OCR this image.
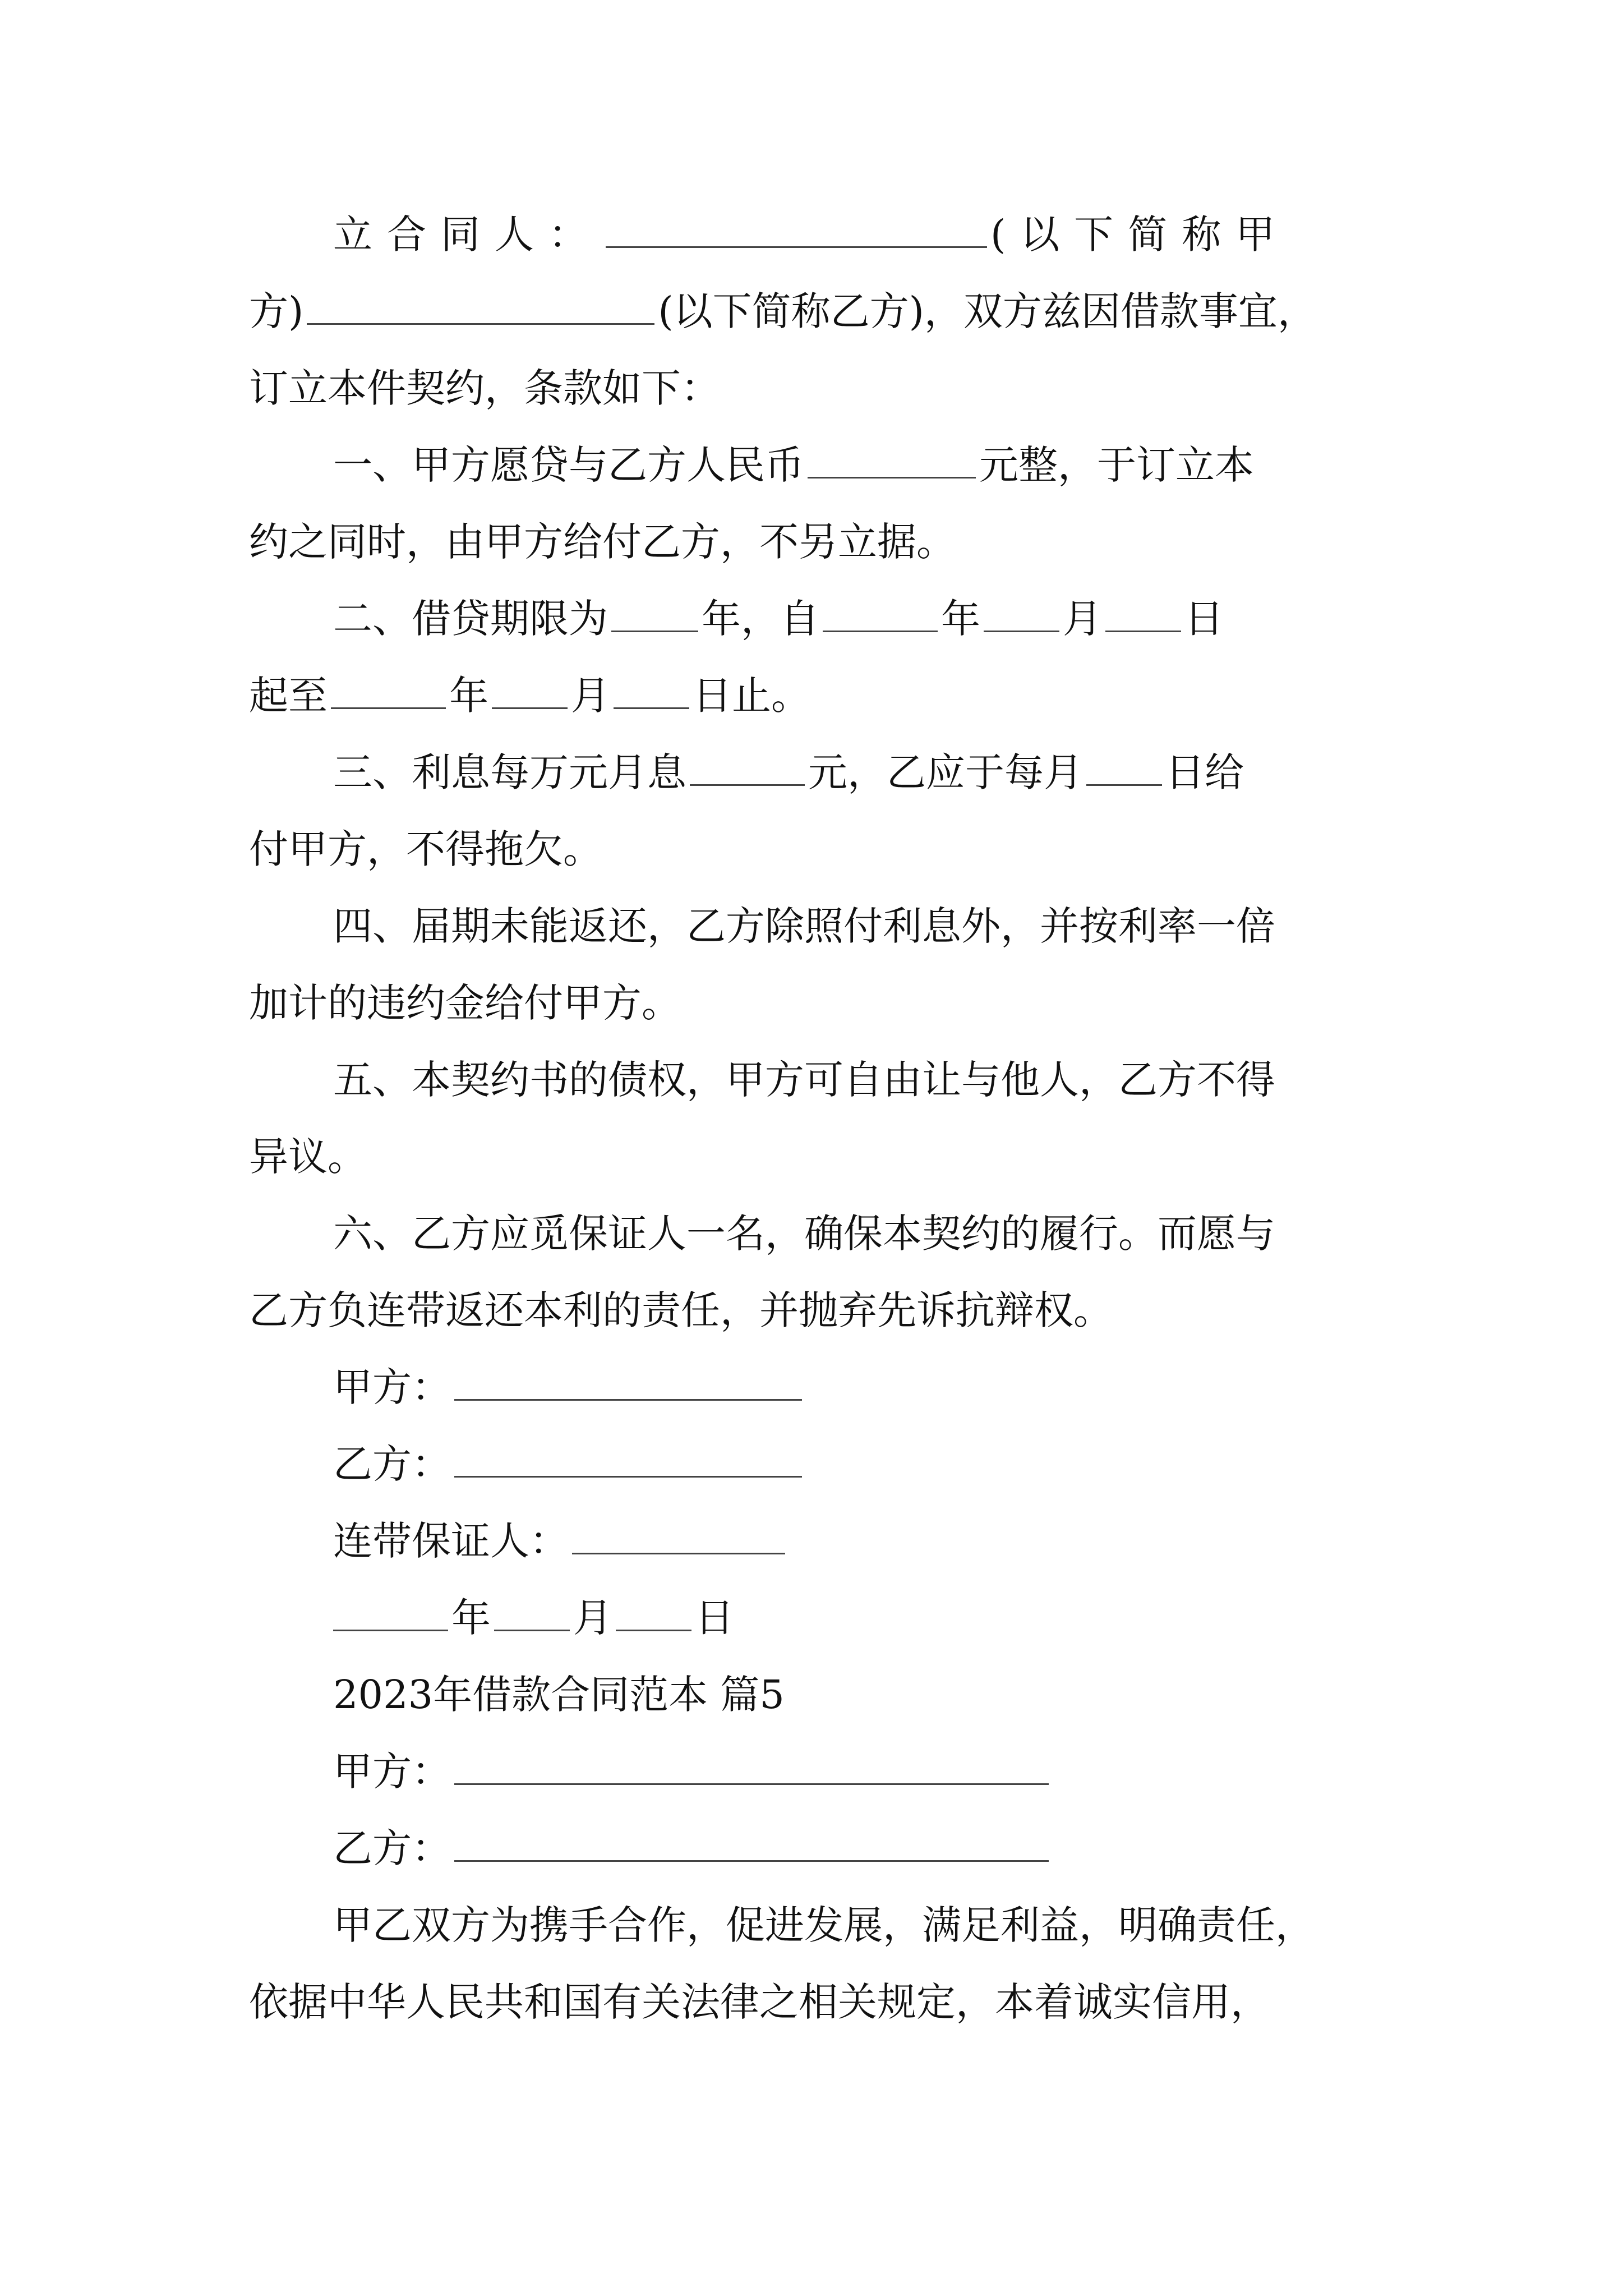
立合同人：	(以下简称甲
方)	(以下简称乙方)，双方兹因借款事宜，
订立本件契约，条款如下：
一、甲方愿贷与乙方人民币	元整，于订立本
约之同时，由甲方给付乙方，不另立据。
二、借贷期限为 年，自	年 月 日
起至	年 月 日止。
三、利息每万元月息	元，乙应于每月 日给
付甲方，不得拖欠。
四、届期未能返还，乙方除照付利息外，并按利率一倍
加计的违约金给付甲方。
五、本契约书的债权，甲方可自由让与他人，乙方不得
异议。
六、乙方应觅保证人一名，确保本契约的履行。而愿与
乙方负连带返还本利的责任，并抛弃先诉抗辩权。
甲方：
乙方：
连带保证人：
年 月 日
2023年借款合同范本 篇5
甲方：
乙方：
甲乙双方为携手合作，促进发展，满足利益，明确责任，
依据中华人民共和国有关法律之相关规定，本着诚实信用，
